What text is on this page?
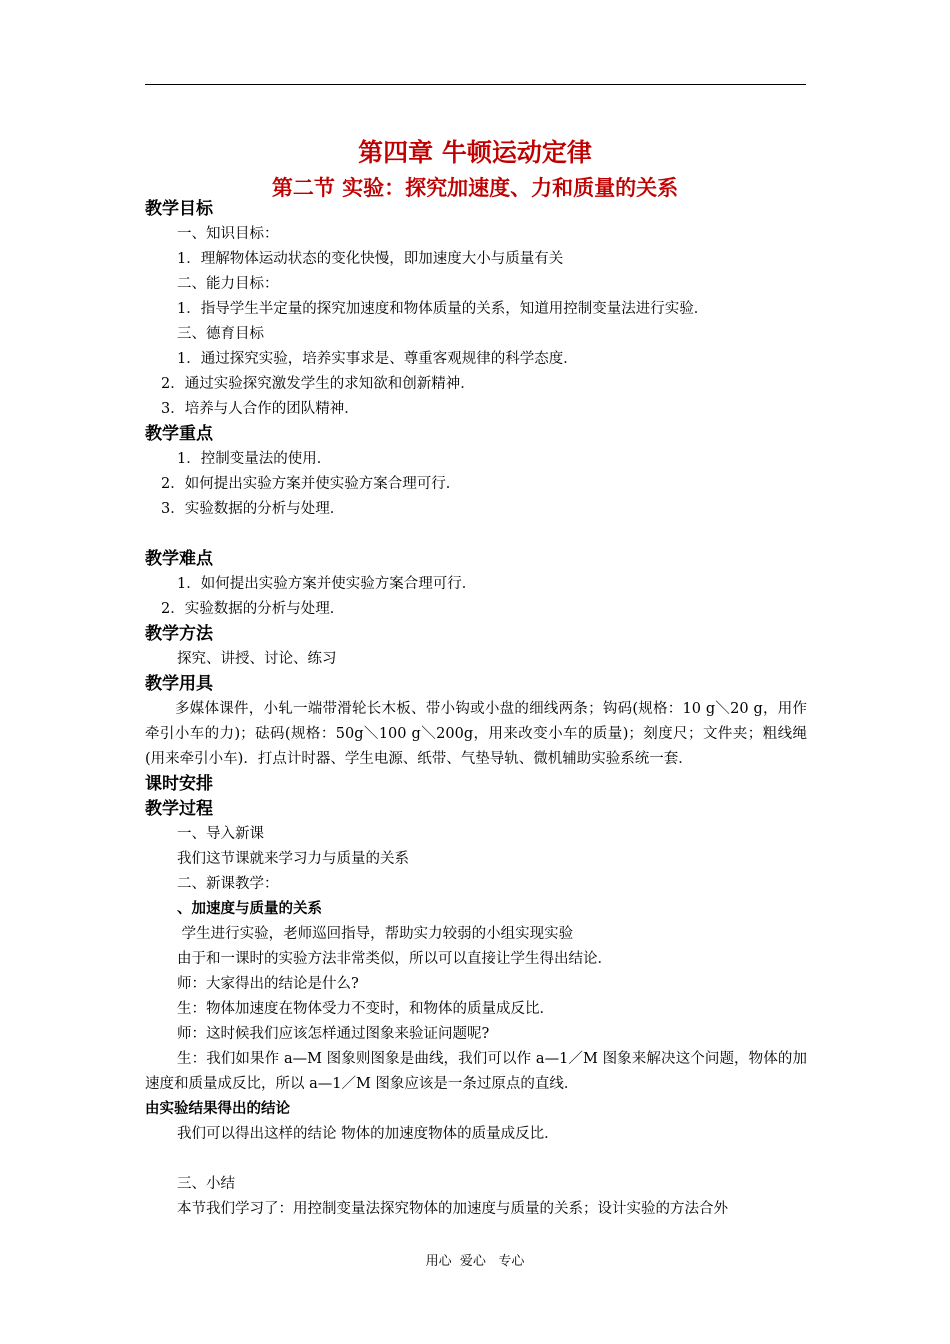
第四章 牛顿运动定律
第二节 实验：探究加速度、力和质量的关系
教学目标
一、知识目标：
1．理解物体运动状态的变化快慢，即加速度大小与质量有关
二、能力目标：
1．指导学生半定量的探究加速度和物体质量的关系，知道用控制变量法进行实验．
三、德育目标
1．通过探究实验，培养实事求是、尊重客观规律的科学态度．
2．通过实验探究激发学生的求知欲和创新精神．
3．培养与人合作的团队精神．
教学重点
1．控制变量法的使用．
2．如何提出实验方案并使实验方案合理可行．
3．实验数据的分析与处理．
教学难点
1．如何提出实验方案并使实验方案合理可行．
2．实验数据的分析与处理．
教学方法
探究、讲授、讨论、练习
教学用具
多媒体课件，小轧一端带滑轮长木板、带小钩或小盘的细线两条；钩码(规格：10 g＼20 g，用作牵引小车的力)；砝码(规格：50g＼100 g＼200g，用来改变小车的质量)；刻度尺；文件夹；粗线绳(用来牵引小车)．打点计时器、学生电源、纸带、气垫导轨、微机辅助实验系统一套．
课时安排
教学过程
一、导入新课
我们这节课就来学习力与质量的关系
二、新课教学：
、加速度与质量的关系
学生进行实验，老师巡回指导，帮助实力较弱的小组实现实验
由于和一课时的实验方法非常类似，所以可以直接让学生得出结论．
师：大家得出的结论是什么?
生：物体加速度在物体受力不变时，和物体的质量成反比．
师：这时候我们应该怎样通过图象来验证问题呢?
生：我们如果作 a—M 图象则图象是曲线，我们可以作 a—1／M 图象来解决这个问题，物体的加速度和质量成反比，所以 a—1／M 图象应该是一条过原点的直线．
由实验结果得出的结论
我们可以得出这样的结论 物体的加速度物体的质量成反比．
三、小结
本节我们学习了：用控制变量法探究物体的加速度与质量的关系；设计实验的方法合外
用心  爱心   专心
